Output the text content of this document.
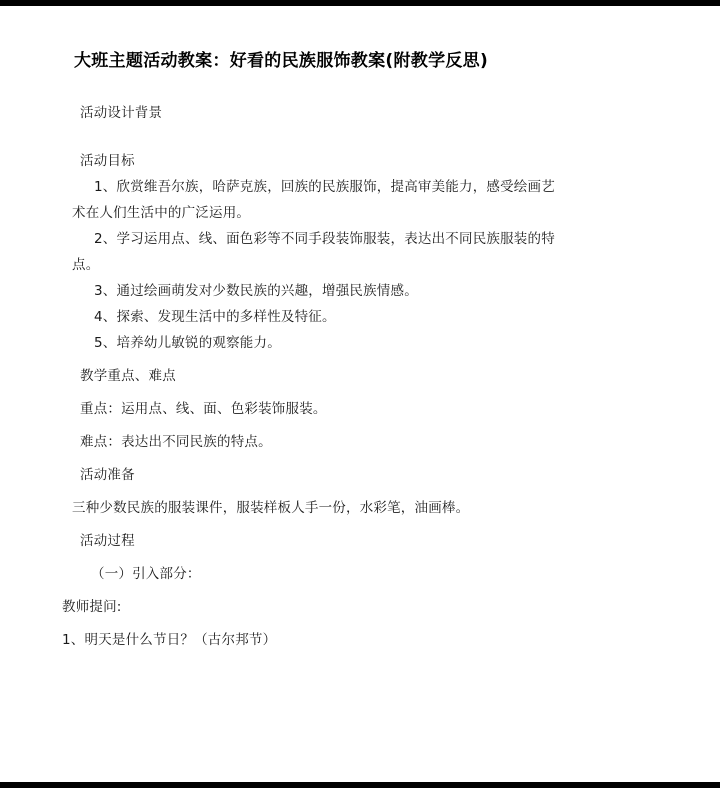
大班主题活动教案：好看的民族服饰教案(附教学反思)

活动设计背景

活动目标

1、欣赏维吾尔族，哈萨克族，回族的民族服饰，提高审美能力，感受绘画艺

术在人们生活中的广泛运用。

2、学习运用点、线、面色彩等不同手段装饰服装，表达出不同民族服装的特

点。

3、通过绘画萌发对少数民族的兴趣，增强民族情感。

4、探索、发现生活中的多样性及特征。

5、培养幼儿敏锐的观察能力。

教学重点、难点

重点：运用点、线、面、色彩装饰服装。

难点：表达出不同民族的特点。

活动准备

三种少数民族的服装课件，服装样板人手一份，水彩笔，油画棒。

活动过程

（一）引入部分：

教师提问:

1、明天是什么节日？（古尔邦节）
